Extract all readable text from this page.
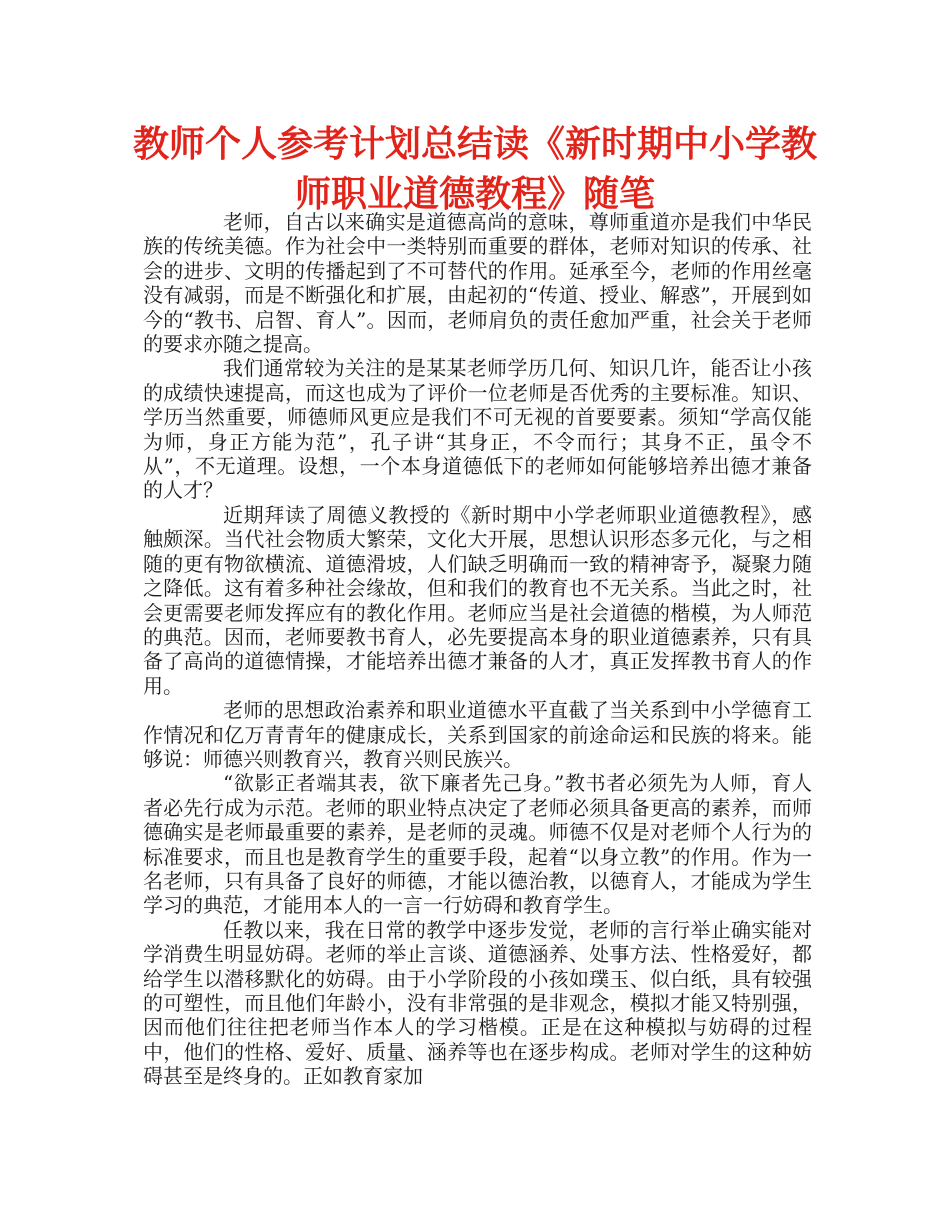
教师个人参考计划总结读《新时期中小学教师职业道德教程》随笔

老师，自古以来确实是道德高尚的意味，尊师重道亦是我们中华民族的传统美德。作为社会中一类特别而重要的群体，老师对知识的传承、社会的进步、文明的传播起到了不可替代的作用。延承至今，老师的作用丝毫没有减弱，而是不断强化和扩展，由起初的“传道、授业、解惑”，开展到如今的“教书、启智、育人”。因而，老师肩负的责任愈加严重，社会关于老师的要求亦随之提高。

我们通常较为关注的是某某老师学历几何、知识几许，能否让小孩的成绩快速提高，而这也成为了评价一位老师是否优秀的主要标准。知识、学历当然重要，师德师风更应是我们不可无视的首要要素。须知“学高仅能为师，身正方能为范”，孔子讲“其身正，不令而行；其身不正，虽令不从”，不无道理。设想，一个本身道德低下的老师如何能够培养出德才兼备的人才？

近期拜读了周德义教授的《新时期中小学老师职业道德教程》，感触颇深。当代社会物质大繁荣，文化大开展，思想认识形态多元化，与之相随的更有物欲横流、道德滑坡，人们缺乏明确而一致的精神寄予，凝聚力随之降低。这有着多种社会缘故，但和我们的教育也不无关系。当此之时，社会更需要老师发挥应有的教化作用。老师应当是社会道德的楷模，为人师范的典范。因而，老师要教书育人，必先要提高本身的职业道德素养，只有具备了高尚的道德情操，才能培养出德才兼备的人才，真正发挥教书育人的作用。

老师的思想政治素养和职业道德水平直截了当关系到中小学德育工作情况和亿万青青年的健康成长，关系到国家的前途命运和民族的将来。能够说：师德兴则教育兴，教育兴则民族兴。

“欲影正者端其表，欲下廉者先己身。”教书者必须先为人师，育人者必先行成为示范。老师的职业特点决定了老师必须具备更高的素养，而师德确实是老师最重要的素养，是老师的灵魂。师德不仅是对老师个人行为的标准要求，而且也是教育学生的重要手段，起着“以身立教”的作用。作为一名老师，只有具备了良好的师德，才能以德治教，以德育人，才能成为学生学习的典范，才能用本人的一言一行妨碍和教育学生。

任教以来，我在日常的教学中逐步发觉，老师的言行举止确实能对学消费生明显妨碍。老师的举止言谈、道德涵养、处事方法、性格爱好，都给学生以潜移默化的妨碍。由于小学阶段的小孩如璞玉、似白纸，具有较强的可塑性，而且他们年龄小，没有非常强的是非观念，模拟才能又特别强，因而他们往往把老师当作本人的学习楷模。正是在这种模拟与妨碍的过程中，他们的性格、爱好、质量、涵养等也在逐步构成。老师对学生的这种妨碍甚至是终身的。正如教育家加
